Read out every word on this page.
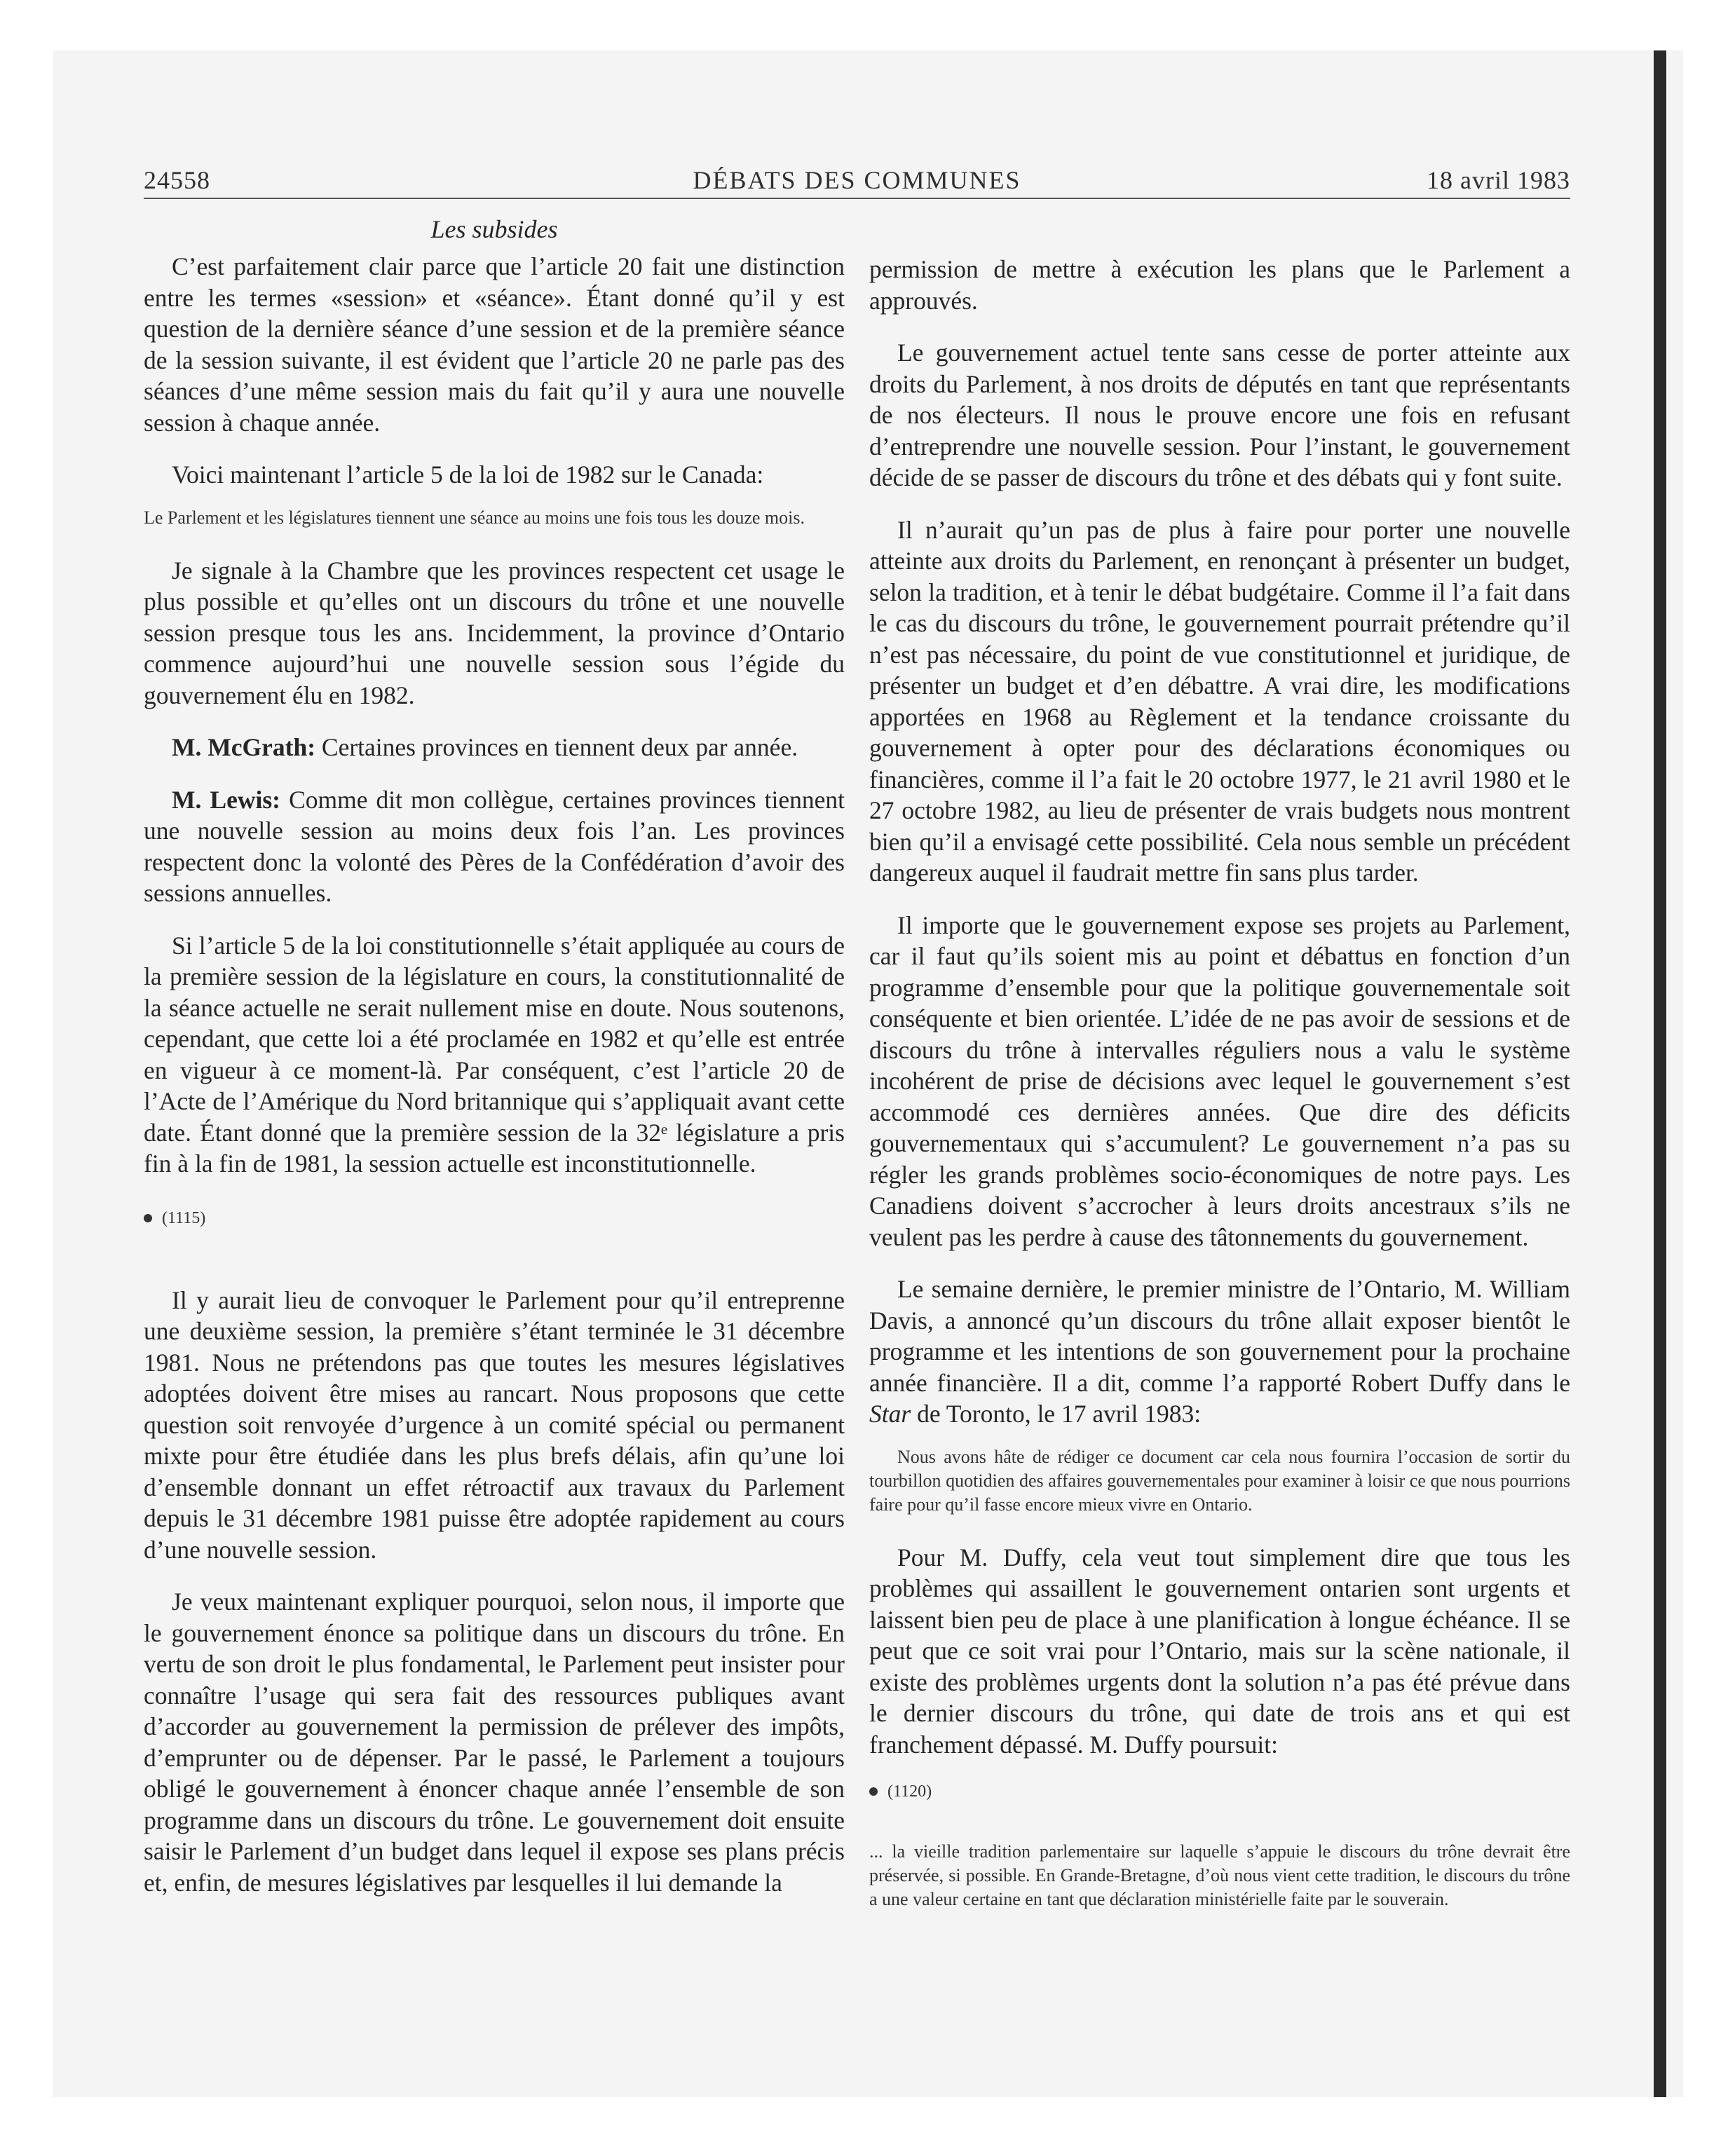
24558	DÉBATS DES COMMUNES	18 avril 1983
Les subsides

C’est parfaitement clair parce que l’article 20 fait une distinction entre les termes «session» et «séance». Étant donné qu’il y est question de la dernière séance d’une session et de la première séance de la session suivante, il est évident que l’article 20 ne parle pas des séances d’une même session mais du fait qu’il y aura une nouvelle session à chaque année.

Voici maintenant l’article 5 de la loi de 1982 sur le Canada:

Le Parlement et les législatures tiennent une séance au moins une fois tous les douze mois.

Je signale à la Chambre que les provinces respectent cet usage le plus possible et qu’elles ont un discours du trône et une nouvelle session presque tous les ans. Incidemment, la province d’Ontario commence aujourd’hui une nouvelle session sous l’égide du gouvernement élu en 1982.

M. McGrath: Certaines provinces en tiennent deux par année.

M. Lewis: Comme dit mon collègue, certaines provinces tiennent une nouvelle session au moins deux fois l’an. Les provinces respectent donc la volonté des Pères de la Confédération d’avoir des sessions annuelles.

Si l’article 5 de la loi constitutionnelle s’était appliquée au cours de la première session de la législature en cours, la constitutionnalité de la séance actuelle ne serait nullement mise en doute. Nous soutenons, cependant, que cette loi a été proclamée en 1982 et qu’elle est entrée en vigueur à ce moment-là. Par conséquent, c’est l’article 20 de l’Acte de l’Amérique du Nord britannique qui s’appliquait avant cette date. Étant donné que la première session de la 32ᵉ législature a pris fin à la fin de 1981, la session actuelle est inconstitutionnelle.

(1115)

Il y aurait lieu de convoquer le Parlement pour qu’il entreprenne une deuxième session, la première s’étant terminée le 31 décembre 1981. Nous ne prétendons pas que toutes les mesures législatives adoptées doivent être mises au rancart. Nous proposons que cette question soit renvoyée d’urgence à un comité spécial ou permanent mixte pour être étudiée dans les plus brefs délais, afin qu’une loi d’ensemble donnant un effet rétroactif aux travaux du Parlement depuis le 31 décembre 1981 puisse être adoptée rapidement au cours d’une nouvelle session.

Je veux maintenant expliquer pourquoi, selon nous, il importe que le gouvernement énonce sa politique dans un discours du trône. En vertu de son droit le plus fondamental, le Parlement peut insister pour connaître l’usage qui sera fait des ressources publiques avant d’accorder au gouvernement la permission de prélever des impôts, d’emprunter ou de dépenser. Par le passé, le Parlement a toujours obligé le gouvernement à énoncer chaque année l’ensemble de son programme dans un discours du trône. Le gouvernement doit ensuite saisir le Parlement d’un budget dans lequel il expose ses plans précis et, enfin, de mesures législatives par lesquelles il lui demande la

permission de mettre à exécution les plans que le Parlement a approuvés.

Le gouvernement actuel tente sans cesse de porter atteinte aux droits du Parlement, à nos droits de députés en tant que représentants de nos électeurs. Il nous le prouve encore une fois en refusant d’entreprendre une nouvelle session. Pour l’instant, le gouvernement décide de se passer de discours du trône et des débats qui y font suite.

Il n’aurait qu’un pas de plus à faire pour porter une nouvelle atteinte aux droits du Parlement, en renonçant à présenter un budget, selon la tradition, et à tenir le débat budgétaire. Comme il l’a fait dans le cas du discours du trône, le gouvernement pourrait prétendre qu’il n’est pas nécessaire, du point de vue constitutionnel et juridique, de présenter un budget et d’en débattre. A vrai dire, les modifications apportées en 1968 au Règlement et la tendance croissante du gouvernement à opter pour des déclarations économiques ou financières, comme il l’a fait le 20 octobre 1977, le 21 avril 1980 et le 27 octobre 1982, au lieu de présenter de vrais budgets nous montrent bien qu’il a envisagé cette possibilité. Cela nous semble un précédent dangereux auquel il faudrait mettre fin sans plus tarder.

Il importe que le gouvernement expose ses projets au Parlement, car il faut qu’ils soient mis au point et débattus en fonction d’un programme d’ensemble pour que la politique gouvernementale soit conséquente et bien orientée. L’idée de ne pas avoir de sessions et de discours du trône à intervalles réguliers nous a valu le système incohérent de prise de décisions avec lequel le gouvernement s’est accommodé ces dernières années. Que dire des déficits gouvernementaux qui s’accumulent? Le gouvernement n’a pas su régler les grands problèmes socio-économiques de notre pays. Les Canadiens doivent s’accrocher à leurs droits ancestraux s’ils ne veulent pas les perdre à cause des tâtonnements du gouvernement.

Le semaine dernière, le premier ministre de l’Ontario, M. William Davis, a annoncé qu’un discours du trône allait exposer bientôt le programme et les intentions de son gouvernement pour la prochaine année financière. Il a dit, comme l’a rapporté Robert Duffy dans le Star de Toronto, le 17 avril 1983:

Nous avons hâte de rédiger ce document car cela nous fournira l’occasion de sortir du tourbillon quotidien des affaires gouvernementales pour examiner à loisir ce que nous pourrions faire pour qu’il fasse encore mieux vivre en Ontario.

Pour M. Duffy, cela veut tout simplement dire que tous les problèmes qui assaillent le gouvernement ontarien sont urgents et laissent bien peu de place à une planification à longue échéance. Il se peut que ce soit vrai pour l’Ontario, mais sur la scène nationale, il existe des problèmes urgents dont la solution n’a pas été prévue dans le dernier discours du trône, qui date de trois ans et qui est franchement dépassé. M. Duffy poursuit:

(1120)

... la vieille tradition parlementaire sur laquelle s’appuie le discours du trône devrait être préservée, si possible. En Grande-Bretagne, d’où nous vient cette tradition, le discours du trône a une valeur certaine en tant que déclaration ministérielle faite par le souverain.
